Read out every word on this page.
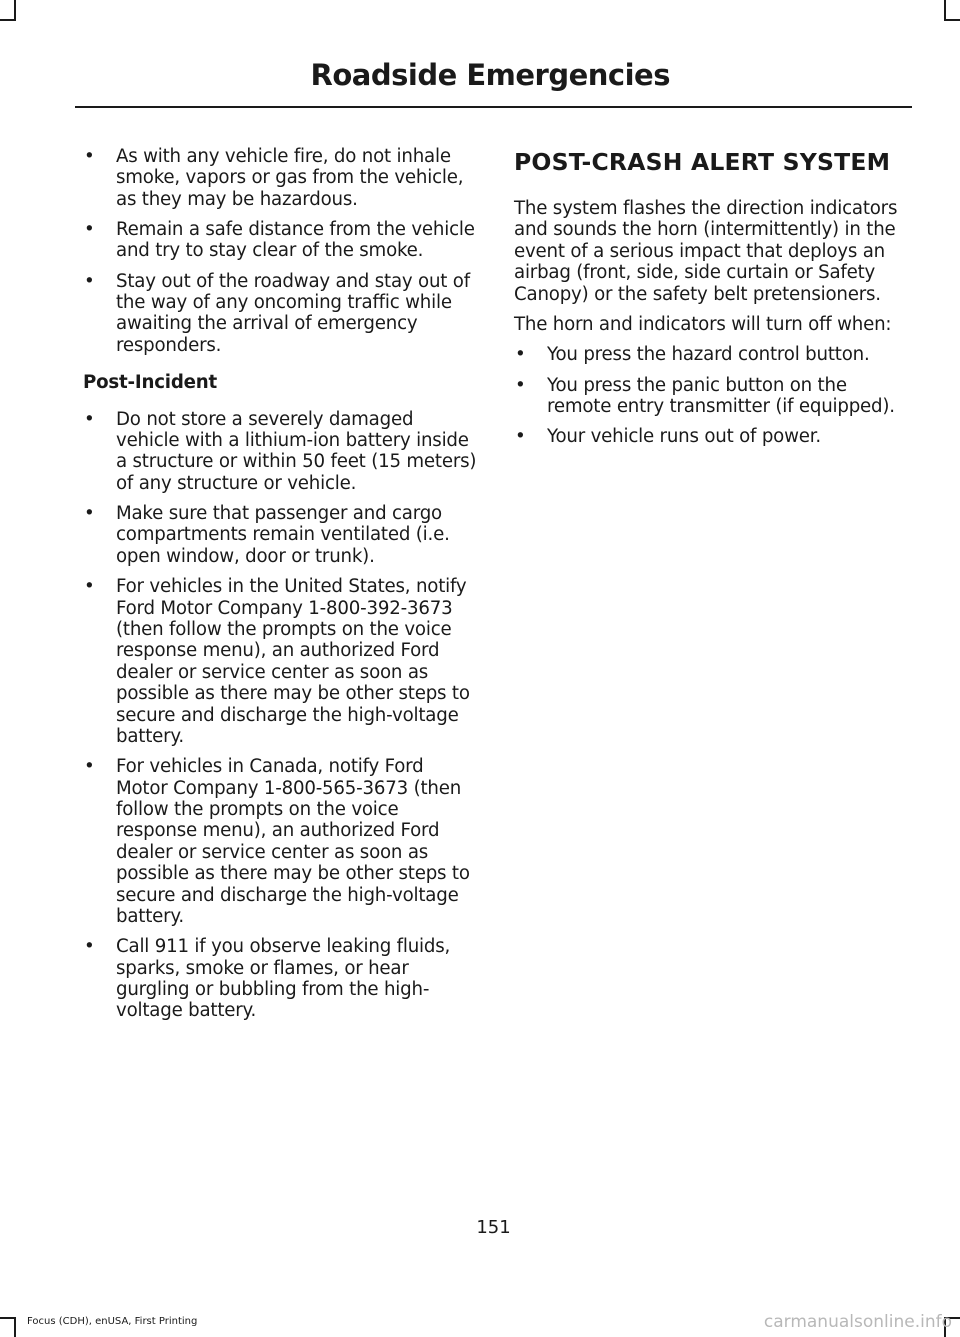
Roadside Emergencies
• As with any vehicle fire, do not inhale smoke, vapors or gas from the vehicle, as they may be hazardous.
• Remain a safe distance from the vehicle and try to stay clear of the smoke.
• Stay out of the roadway and stay out of the way of any oncoming traffic while awaiting the arrival of emergency responders.
Post-Incident
• Do not store a severely damaged vehicle with a lithium-ion battery inside a structure or within 50 feet (15 meters) of any structure or vehicle.
• Make sure that passenger and cargo compartments remain ventilated (i.e. open window, door or trunk).
• For vehicles in the United States, notify Ford Motor Company 1-800-392-3673 (then follow the prompts on the voice response menu), an authorized Ford dealer or service center as soon as possible as there may be other steps to secure and discharge the high-voltage battery.
• For vehicles in Canada, notify Ford Motor Company 1-800-565-3673 (then follow the prompts on the voice response menu), an authorized Ford dealer or service center as soon as possible as there may be other steps to secure and discharge the high-voltage battery.
• Call 911 if you observe leaking fluids, sparks, smoke or flames, or hear gurgling or bubbling from the high-voltage battery.
POST-CRASH ALERT SYSTEM

The system flashes the direction indicators and sounds the horn (intermittently) in the event of a serious impact that deploys an airbag (front, side, side curtain or Safety Canopy) or the safety belt pretensioners.

The horn and indicators will turn off when:

• You press the hazard control button.
• You press the panic button on the remote entry transmitter (if equipped).
• Your vehicle runs out of power.
151
Focus (CDH), enUSA, First Printing	carmanualsonline.info
